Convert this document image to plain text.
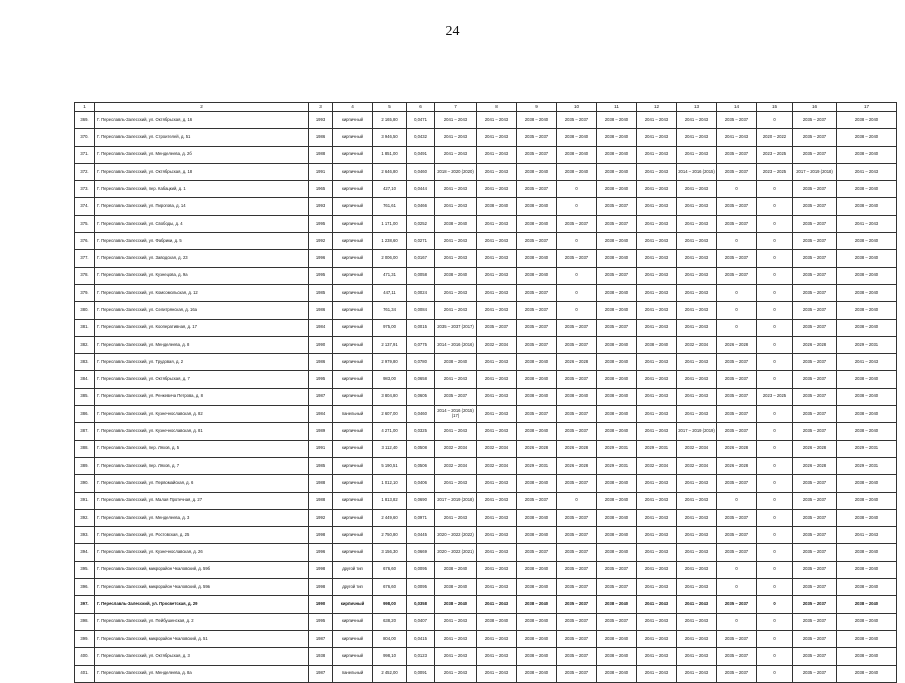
24
1	2	3	4	5	6	7	8	9	10	11	12	13	14	15	16	17
369.	Г. Переславль-Залесский, ул. Октябрьская, д. 16	1993	кирпичный	2 165,80	0,0471	2041 – 2043	2041 – 2043	2038 – 2040	2035 – 2037	2038 – 2040	2041 – 2043	2041 – 2043	2035 – 2037	0	2035 – 2037	2038 – 2040
370.	Г. Переславль-Залесский, ул. Строителей, д. 51	1986	кирпичный	3 946,50	0,0432	2041 – 2043	2041 – 2043	2035 – 2037	2038 – 2040	2038 – 2040	2041 – 2043	2041 – 2043	2041 – 2043	2020 – 2022	2035 – 2037	2038 – 2040
371.	Г. Переславль-Залесский, ул. Менделеева, д. 2б	1988	кирпичный	1 851,00	0,0491	2041 – 2043	2041 – 2043	2035 – 2037	2038 – 2040	2038 – 2040	2041 – 2043	2041 – 2043	2035 – 2037	2023 – 2025	2035 – 2037	2038 – 2040
372.	Г. Переславль-Залесский, ул. Октябрьская, д. 18	1991	кирпичный	2 646,80	0,0460	2018 – 2020 (2020)	2041 – 2043	2038 – 2040	2038 – 2040	2038 – 2040	2041 – 2043	2014 – 2016 (2015)	2035 – 2037	2023 – 2025	2017 – 2019 (2018)	2041 – 2043
373.	Г. Переславль-Залесский, пер. Кабацкий, д. 1	1965	кирпичный	427,10	0,0444	2041 – 2043	2041 – 2043	2035 – 2037	0	2038 – 2040	2041 – 2043	2041 – 2043	0	0	2035 – 2037	2038 – 2040
374.	Г. Переславль-Залесский, ул. Пирогова, д. 14	1993	кирпичный	761,61	0,0466	2041 – 2043	2038 – 2040	2038 – 2040	0	2035 – 2037	2041 – 2043	2041 – 2043	2035 – 2037	0	2035 – 2037	2038 – 2040
375.	Г. Переславль-Залесский, ул. Свободы, д. 4	1995	кирпичный	1 171,00	0,0252	2038 – 2040	2041 – 2043	2038 – 2040	2035 – 2037	2035 – 2037	2041 – 2043	2041 – 2043	2035 – 2037	0	2035 – 2037	2041 – 2043
376.	Г. Переславль-Залесский, ул. Фабрики, д. 5	1992	кирпичный	1 238,60	0,0271	2041 – 2043	2041 – 2043	2035 – 2037	0	2038 – 2040	2041 – 2043	2041 – 2043	0	0	2035 – 2037	2038 – 2040
377.	Г. Переславль-Залесский, ул. Заводская, д. 23	1996	кирпичный	2 006,00	0,0167	2041 – 2043	2041 – 2043	2038 – 2040	2035 – 2037	2038 – 2040	2041 – 2043	2041 – 2043	2035 – 2037	0	2035 – 2037	2038 – 2040
378.	Г. Переславль-Залесский, ул. Кузнецова, д. 9а	1995	кирпичный	471,31	0,0058	2038 – 2040	2041 – 2043	2038 – 2040	0	2035 – 2037	2041 – 2043	2041 – 2043	2035 – 2037	0	2035 – 2037	2038 – 2040
379.	Г. Переславль-Залесский, ул. Комсомольская, д. 12	1985	кирпичный	447,11	0,0024	2041 – 2043	2041 – 2043	2035 – 2037	0	2038 – 2040	2041 – 2043	2041 – 2043	0	0	2035 – 2037	2038 – 2040
380.	Г. Переславль-Залесский, ул. Селитрянская, д. 16а	1986	кирпичный	761,34	0,0084	2041 – 2043	2041 – 2043	2035 – 2037	0	2038 – 2040	2041 – 2043	2041 – 2043	0	0	2035 – 2037	2038 – 2040
381.	Г. Переславль-Залесский, ул. Кооперативная, д. 17	1984	кирпичный	975,00	0,0015	2035 – 2037 (2017)	2035 – 2037	2035 – 2037	2035 – 2037	2035 – 2037	2041 – 2043	2041 – 2043	0	0	2035 – 2037	2038 – 2040
382.	Г. Переславль-Залесский, ул. Менделеева, д. 8	1990	кирпичный	2 137,91	0,0775	2014 – 2016 (2016)	2032 – 2034	2035 – 2037	2035 – 2037	2038 – 2040	2038 – 2040	2032 – 2034	2026 – 2028	0	2026 – 2028	2029 – 2031
383.	Г. Переславль-Залесский, ул. Трудовая, д. 2	1986	кирпичный	2 979,80	0,0780	2038 – 2040	2041 – 2043	2038 – 2040	2026 – 2028	2038 – 2040	2041 – 2043	2041 – 2043	2035 – 2037	0	2035 – 2037	2041 – 2043
384.	Г. Переславль-Залесский, ул. Октябрьская, д. 7	1995	кирпичный	983,00	0,0658	2041 – 2043	2041 – 2043	2038 – 2040	2035 – 2037	2038 – 2040	2041 – 2043	2041 – 2043	2035 – 2037	0	2035 – 2037	2038 – 2040
385.	Г. Переславль-Залесский, ул. Ренкевича Петрова, д. 8	1987	кирпичный	3 804,80	0,0605	2035 – 2037	2041 – 2043	2038 – 2040	2038 – 2040	2038 – 2040	2041 – 2043	2041 – 2043	2035 – 2037	2023 – 2025	2035 – 2037	2038 – 2040
386.	Г. Переславль-Залесский, ул. Кузнечнославская, д. 82	1984	панельный	2 607,00	0,0460	2014 – 2016 (2015)(17)	2041 – 2043	2035 – 2037	2035 – 2037	2038 – 2040	2041 – 2043	2041 – 2043	2035 – 2037	0	2035 – 2037	2038 – 2040
387.	Г. Переславль-Залесский, ул. Кузнечнославская, д. 81	1989	кирпичный	4 271,00	0,0325	2041 – 2043	2041 – 2043	2038 – 2040	2035 – 2037	2038 – 2040	2041 – 2043	2017 – 2019 (2019)	2035 – 2037	0	2035 – 2037	2038 – 2040
388.	Г. Переславль-Залесский, пер. Ляхов, д. 5	1991	кирпичный	3 112,40	0,0508	2032 – 2034	2032 – 2034	2026 – 2028	2026 – 2028	2029 – 2031	2029 – 2031	2032 – 2034	2026 – 2028	0	2026 – 2028	2029 – 2031
389.	Г. Переславль-Залесский, пер. Ляхов, д. 7	1985	кирпичный	5 190,51	0,0506	2032 – 2034	2032 – 2034	2029 – 2031	2026 – 2028	2029 – 2031	2032 – 2034	2032 – 2034	2026 – 2028	0	2026 – 2028	2029 – 2031
390.	Г. Переславль-Залесский, ул. Первомайская, д. 6	1988	кирпичный	1 012,10	0,0406	2041 – 2043	2041 – 2043	2038 – 2040	2035 – 2037	2038 – 2040	2041 – 2043	2041 – 2043	2035 – 2037	0	2035 – 2037	2038 – 2040
391.	Г. Переславль-Залесский, ул. Малая Протечная, д. 27	1988	кирпичный	1 813,82	0,0690	2017 – 2019 (2018)	2041 – 2043	2035 – 2037	0	2038 – 2040	2041 – 2043	2041 – 2043	0	0	2035 – 2037	2038 – 2040
392.	Г. Переславль-Залесский, ул. Менделеева, д. 3	1992	кирпичный	2 449,60	0,0971	2041 – 2043	2041 – 2043	2038 – 2040	2035 – 2037	2038 – 2040	2041 – 2043	2041 – 2043	2035 – 2037	0	2035 – 2037	2038 – 2040
393.	Г. Переславль-Залесский, ул. Ростовская, д. 25	1998	кирпичный	2 750,80	0,0445	2020 – 2022 (2022)	2041 – 2043	2038 – 2040	2035 – 2037	2038 – 2040	2041 – 2043	2041 – 2043	2035 – 2037	0	2035 – 2037	2041 – 2043
394.	Г. Переславль-Залесский, ул. Кузнечнославская, д. 26	1996	кирпичный	3 156,30	0,0669	2020 – 2022 (2021)	2041 – 2043	2035 – 2037	2035 – 2037	2038 – 2040	2041 – 2043	2041 – 2043	2035 – 2037	0	2035 – 2037	2038 – 2040
395.	Г. Переславль-Залесский, микрорайон Чкаловский, д. 59б	1998	другой тип	676,60	0,0095	2038 – 2040	2041 – 2043	2038 – 2040	2035 – 2037	2035 – 2037	2041 – 2043	2041 – 2043	0	0	2035 – 2037	2038 – 2040
396.	Г. Переславль-Залесский, микрорайон Чкаловский, д. 59в	1998	другой тип	676,60	0,0095	2038 – 2040	2041 – 2043	2038 – 2040	2035 – 2037	2035 – 2037	2041 – 2043	2041 – 2043	0	0	2035 – 2037	2038 – 2040
397.	Г. Переславль-Залесский, ул. Просветская, д. 29	1990	кирпичный	998,00	0,0358	2038 – 2040	2041 – 2043	2038 – 2040	2035 – 2037	2038 – 2040	2041 – 2043	2041 – 2043	2035 – 2037	0	2035 – 2037	2038 – 2040
398.	Г. Переславль-Залесский, ул. Пейбушенская, д. 2	1995	кирпичный	638,20	0,0407	2041 – 2043	2038 – 2040	2038 – 2040	2035 – 2037	2035 – 2037	2041 – 2043	2041 – 2043	0	0	2035 – 2037	2038 – 2040
399.	Г. Переславль-Залесский, микрорайон Чкаловский, д. 51	1987	кирпичный	804,00	0,0415	2041 – 2043	2041 – 2043	2038 – 2040	2035 – 2037	2038 – 2040	2041 – 2043	2041 – 2043	2035 – 2037	0	2035 – 2037	2038 – 2040
400.	Г. Переславль-Залесский, ул. Октябрьская, д. 3	1938	кирпичный	998,10	0,0123	2041 – 2043	2041 – 2043	2038 – 2040	2035 – 2037	2038 – 2040	2041 – 2043	2041 – 2043	2035 – 2037	0	2035 – 2037	2038 – 2040
401.	Г. Переславль-Залесский, ул. Менделеева, д. 8а	1987	панельный	2 452,00	0,0091	2041 – 2043	2041 – 2043	2038 – 2040	2035 – 2037	2038 – 2040	2041 – 2043	2041 – 2043	2035 – 2037	0	2035 – 2037	2038 – 2040
